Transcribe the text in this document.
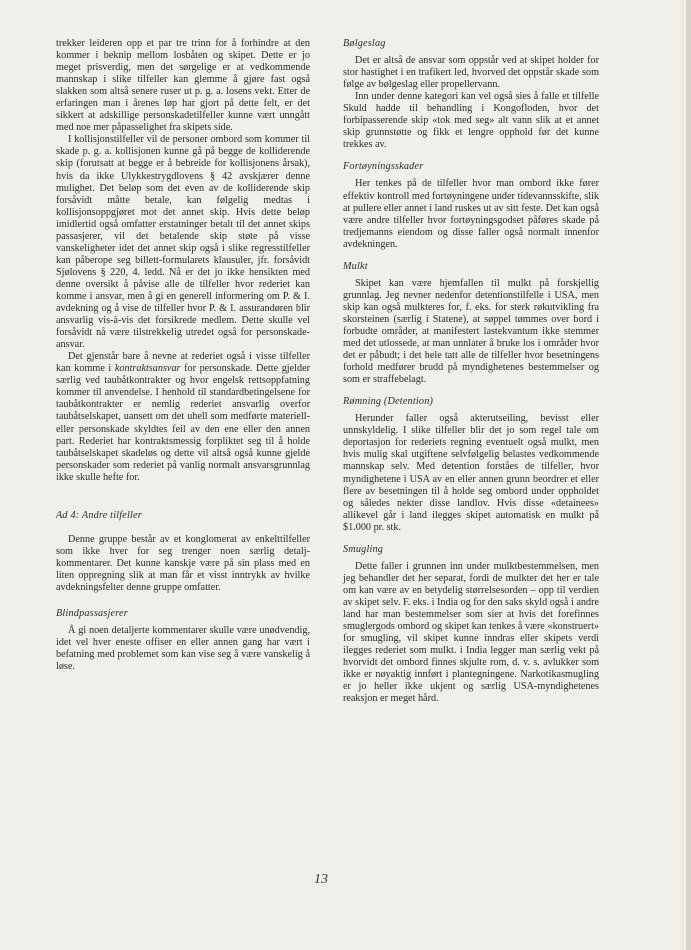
trekker leideren opp et par tre trinn for å forhindre at den kommer i beknip mellom losbåten og skipet. Dette er jo meget prisverdig, men det sørgelige er at vedkommende mannskap i slike tilfeller kan glemme å gjøre fast også slakken som altså senere ruser ut p. g. a. losens vekt. Etter de erfaringen man i årenes løp har gjort på dette felt, er det sikkert at adskillige personskadetilfeller kunne vært unngått med noe mer påpasselighet fra skipets side.

I kollisjonstilfeller vil de personer ombord som kommer til skade p. g. a. kollisjonen kunne gå på begge de kolliderende skip (forutsatt at begge er å bebreide for kollisjonens årsak), hvis da ikke Ulykkestrygdlovens § 42 avskjærer denne mulighet. Det beløp som det even av de kolliderende skip forsåvidt måtte betale, kan følgelig medtas i kollisjonsoppgjøret mot det annet skip. Hvis dette beløp imidlertid også omfatter erstatninger betalt til det annet skips passasjerer, vil det betalende skip støte på visse vanskeligheter idet det annet skip også i slike regresstilfeller kan påberope seg billett-formularets klausuler, jfr. forsåvidt Sjølovens § 220, 4. ledd. Nå er det jo ikke hensikten med denne oversikt å påvise alle de tilfeller hvor rederiet kan komme i ansvar, men å gi en generell informering om P. & I. avdekning og å vise de tilfeller hvor P. & I. assurandøren blir ansvarlig vis-à-vis det forsikrede medlem. Dette skulle vel forsåvidt nå være tilstrekkelig utredet også for personskade-ansvar.

Det gjenstår bare å nevne at rederiet også i visse tilfeller kan komme i kontraktsansvar for personskade. Dette gjelder særlig ved taubåtkontrakter og hvor engelsk rettsoppfatning kommer til anvendelse. I henhold til standardbetingelsene for taubåtkontrakter er nemlig rederiet ansvarlig overfor taubåtselskapet, uansett om det uhell som medførte materiell- eller personskade skyldtes feil av den ene eller den annen part. Rederiet har kontraktsmessig forpliktet seg til å holde taubåtselskapet skadeløs og dette vil altså også kunne gjelde personskader som rederiet på vanlig normalt ansvarsgrunnlag ikke skulle hefte for.

Ad 4: Andre tilfeller

Denne gruppe består av et konglomerat av enkelttilfeller som ikke hver for seg trenger noen særlig detalj-kommentarer. Det kunne kanskje være på sin plass med en liten oppregning slik at man får et visst inntrykk av hvilke avdekningsfelter denne gruppe omfatter.

Blindpassasjerer

Å gi noen detaljerte kommentarer skulle være unødvendig, idet vel hver eneste offiser en eller annen gang har vært i befatning med problemet som kan vise seg å være vanskelig å løse.

Bølgeslag

Det er altså de ansvar som oppstår ved at skipet holder for stor hastighet i en trafikert led, hvorved det oppstår skade som følge av bølgeslag eller propellervann.

Inn under denne kategori kan vel også sies å falle et tilfelle Skuld hadde til behandling i Kongofloden, hvor det forbipasserende skip «tok med seg» alt vann slik at et annet skip grunnstøtte og fikk et lengre opphold før det kunne trekkes av.

Fortøyningsskader

Her tenkes på de tilfeller hvor man ombord ikke fører effektiv kontroll med fortøyningene under tidevannsskifte, slik at pullere eller annet i land ruskes ut av sitt feste. Det kan også være andre tilfeller hvor fortøyningsgodset påføres skade på tredjemanns eiendom og disse faller også normalt innenfor avdekningen.

Mulkt

Skipet kan være hjemfallen til mulkt på forskjellig grunnlag. Jeg nevner nedenfor detentionstilfelle i USA, men skip kan også mulkteres for, f. eks. for sterk røkutvikling fra skorsteinen (særlig i Statene), at søppel tømmes over bord i forbudte områder, at manifestert lastekvantum ikke stemmer med det utlossede, at man unnlater å bruke los i områder hvor det er påbudt; i det hele tatt alle de tilfeller hvor besetningens forhold medfører brudd på myndighetenes bestemmelser og som er straffebelagt.

Rømning (Detention)

Herunder faller også akterutseiling, bevisst eller unnskyldelig. I slike tilfeller blir det jo som regel tale om deportasjon for rederiets regning eventuelt også mulkt, men hvis mulig skal utgiftene selvfølgelig belastes vedkommende mannskap selv. Med detention forståes de tilfeller, hvor myndighetene i USA av en eller annen grunn beordrer et eller flere av besetningen til å holde seg ombord under oppholdet og således nekter disse landlov. Hvis disse «detainees» allikevel går i land ilegges skipet automatisk en mulkt på $1.000 pr. stk.

Smugling

Dette faller i grunnen inn under mulktbestemmelsen, men jeg behandler det her separat, fordi de mulkter det her er tale om kan være av en betydelig størrelsesorden – opp til verdien av skipet selv. F. eks. i India og for den saks skyld også i andre land har man bestemmelser som sier at hvis det forefinnes smuglergods ombord og skipet kan tenkes å være «konstruert» for smugling, vil skipet kunne inndras eller skipets verdi ilegges rederiet som mulkt. i India legger man særlig vekt på hvorvidt det ombord finnes skjulte rom, d. v. s. avlukker som ikke er nøyaktig innført i plantegningene. Narkotikasmugling er jo heller ikke ukjent og særlig USA-myndighetenes reaksjon er meget hård.

13
